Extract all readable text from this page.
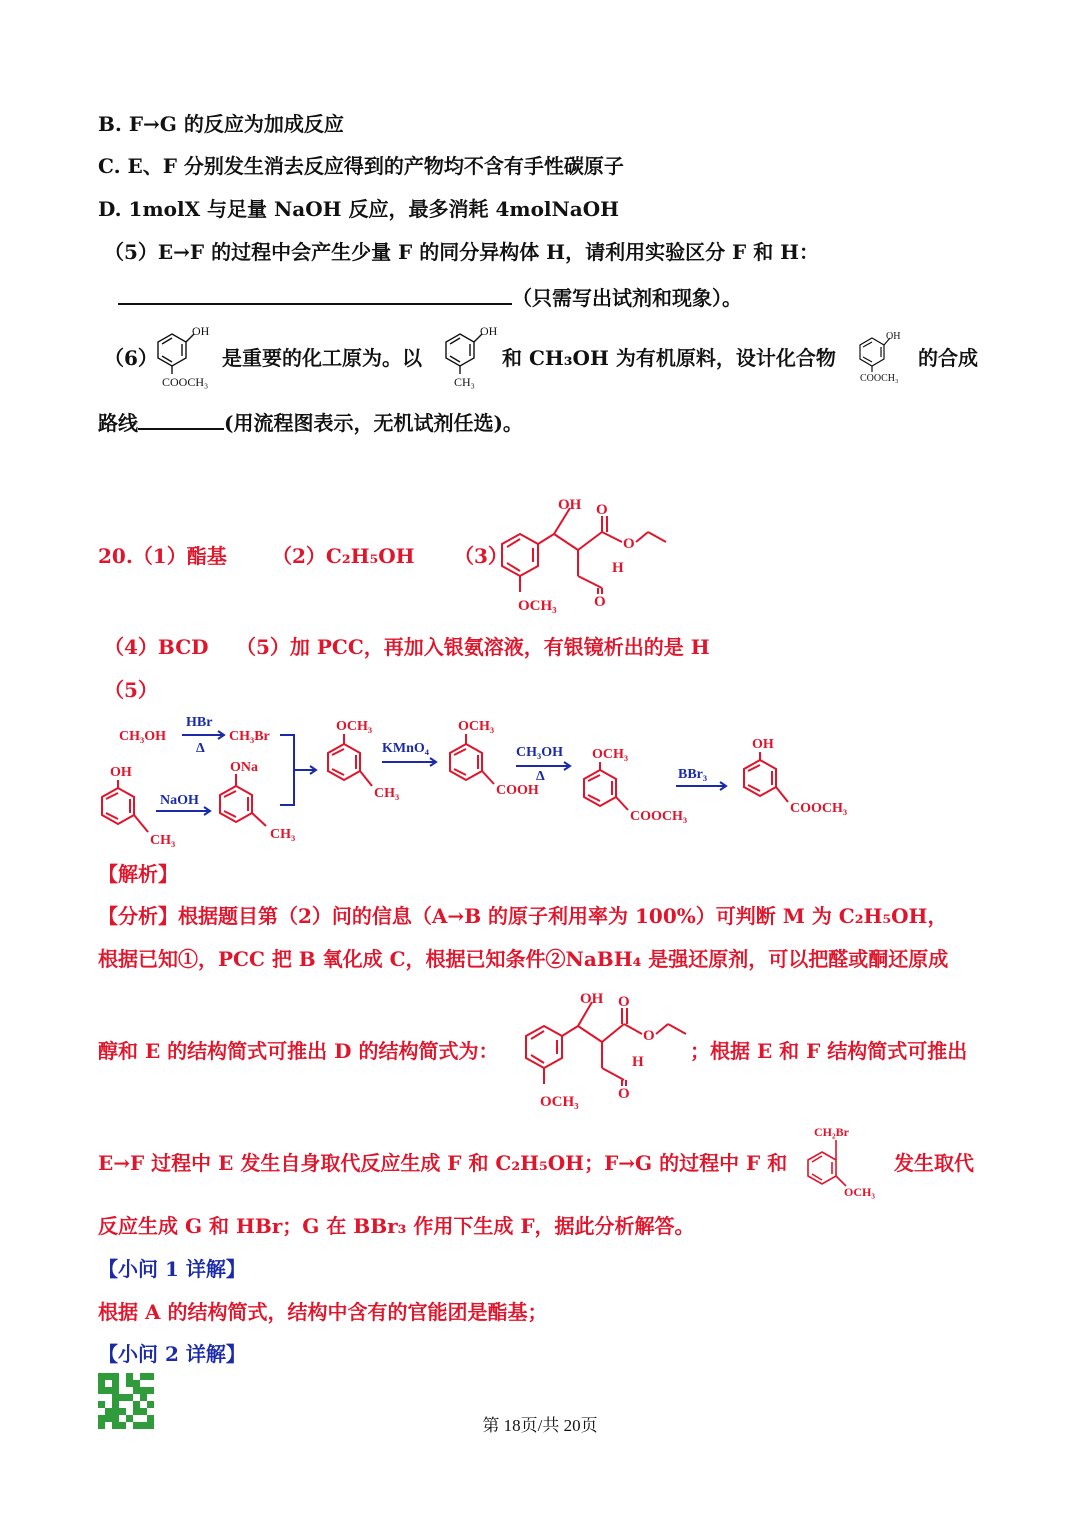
B. F→G 的反应为加成反应
C. E、F 分别发生消去反应得到的产物均不含有手性碳原子
D. 1molX 与足量 NaOH 反应，最多消耗 4molNaOH
（5）E→F 的过程中会产生少量 F 的同分异构体 H，请利用实验区分 F 和 H：
（只需写出试剂和现象）。
（6）
OH
COOCH₃
是重要的化工原为。以
OH
CH₃
和 CH₃OH 为有机原料，设计化合物
OH
COOCH₃
的合成
路线	(用流程图表示，无机试剂任选)。
20.（1）酯基 （2）C₂H₅OH （3）
OH O
O
H
O
OCH₃
（4）BCD （5）加 PCC，再加入银氨溶液，有银镜析出的是 H
（5）
CH₃OH
HBr
Δ
CH₃Br
OH
NaOH
ONa
CH₃	CH₃
OCH₃
CH₃
KMnO₄
OCH₃
COOH
CH₃OH
Δ
OCH₃
COOCH₃
BBr₃
OH
COOCH₃
【解析】
【分析】根据题目第（2）问的信息（A→B 的原子利用率为 100%）可判断 M 为 C₂H₅OH，
根据已知①，PCC 把 B 氧化成 C，根据已知条件②NaBH₄ 是强还原剂，可以把醛或酮还原成
醇和 E 的结构简式可推出 D 的结构简式为：
OH O
O
H
O
OCH₃
；根据 E 和 F 结构简式可推出
E→F 过程中 E 发生自身取代反应生成 F 和 C₂H₅OH；F→G 的过程中 F 和
CH₂Br
OCH₃
发生取代
反应生成 G 和 HBr；G 在 BBr₃ 作用下生成 F，据此分析解答。
【小问 1 详解】
根据 A 的结构简式，结构中含有的官能团是酯基；
【小问 2 详解】
第 18页/共 20页
